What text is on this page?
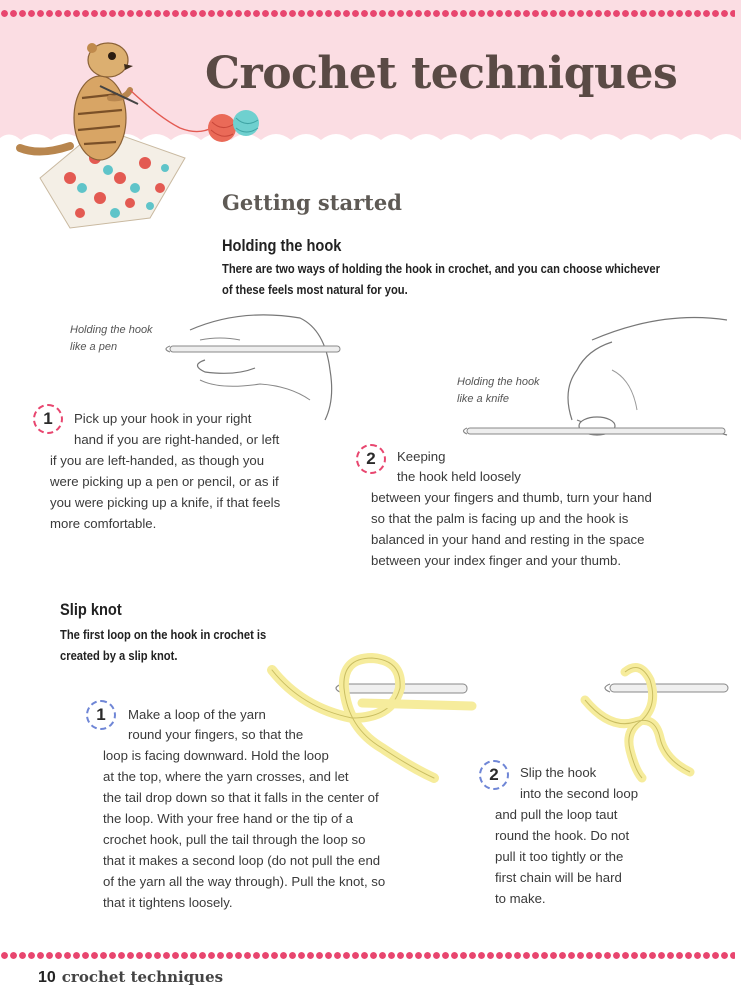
Crochet techniques
Getting started
Holding the hook
There are two ways of holding the hook in crochet, and you can choose whichever of these feels most natural for you.
Holding the hook
like a pen
Holding the hook
like a knife
1	Pick up your hook in your right
hand if you are right-handed, or left
if you are left-handed, as though you
were picking up a pen or pencil, or as if
you were picking up a knife, if that feels
more comfortable.
2	Keeping
the hook held loosely
between your fingers and thumb, turn your hand
so that the palm is facing up and the hook is
balanced in your hand and resting in the space
between your index finger and your thumb.
Slip knot
The first loop on the hook in crochet is
created by a slip knot.
1	Make a loop of the yarn
round your fingers, so that the
loop is facing downward. Hold the loop
at the top, where the yarn crosses, and let
the tail drop down so that it falls in the center of
the loop. With your free hand or the tip of a
crochet hook, pull the tail through the loop so
that it makes a second loop (do not pull the end
of the yarn all the way through). Pull the knot, so
that it tightens loosely.
2	Slip the hook
into the second loop
and pull the loop taut
round the hook. Do not
pull it too tightly or the
first chain will be hard
to make.
10 crochet techniques
